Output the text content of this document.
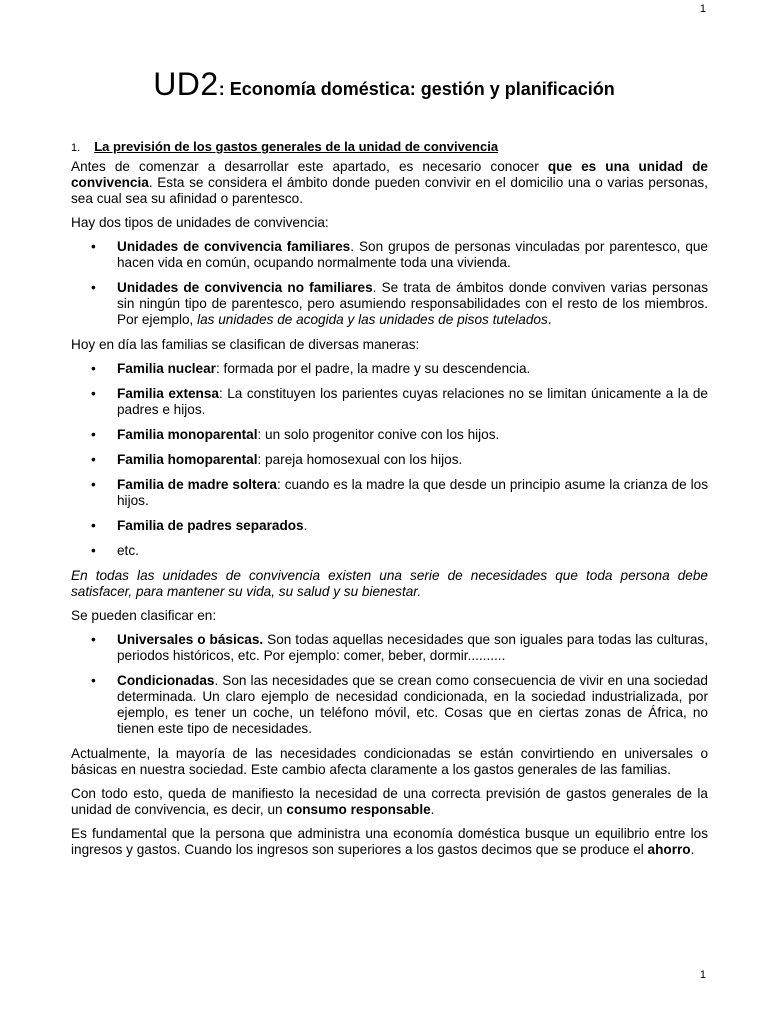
1
UD2: Economía doméstica: gestión y planificación
1. La previsión de los gastos generales de la unidad de convivencia

Antes de comenzar a desarrollar este apartado, es necesario conocer que es una unidad de convivencia. Esta se considera el ámbito donde pueden convivir en el domicilio una o varias personas, sea cual sea su afinidad o parentesco.

Hay dos tipos de unidades de convivencia:

• Unidades de convivencia familiares. Son grupos de personas vinculadas por parentesco, que hacen vida en común, ocupando normalmente toda una vivienda.
• Unidades de convivencia no familiares. Se trata de ámbitos donde conviven varias personas sin ningún tipo de parentesco, pero asumiendo responsabilidades con el resto de los miembros. Por ejemplo, las unidades de acogida y las unidades de pisos tutelados.

Hoy en día las familias se clasifican de diversas maneras:

• Familia nuclear: formada por el padre, la madre y su descendencia.
• Familia extensa: La constituyen los parientes cuyas relaciones no se limitan únicamente a la de padres e hijos.
• Familia monoparental: un solo progenitor conive con los hijos.
• Familia homoparental: pareja homosexual con los hijos.
• Familia de madre soltera: cuando es la madre la que desde un principio asume la crianza de los hijos.
• Familia de padres separados.
• etc.

En todas las unidades de convivencia existen una serie de necesidades que toda persona debe satisfacer, para mantener su vida, su salud y su bienestar.

Se pueden clasificar en:

• Universales o básicas. Son todas aquellas necesidades que son iguales para todas las culturas, periodos históricos, etc. Por ejemplo: comer, beber, dormir..........
• Condicionadas. Son las necesidades que se crean como consecuencia de vivir en una sociedad determinada. Un claro ejemplo de necesidad condicionada, en la sociedad industrializada, por ejemplo, es tener un coche, un teléfono móvil, etc. Cosas que en ciertas zonas de África, no tienen este tipo de necesidades.

Actualmente, la mayoría de las necesidades condicionadas se están convirtiendo en universales o básicas en nuestra sociedad. Este cambio afecta claramente a los gastos generales de las familias.

Con todo esto, queda de manifiesto la necesidad de una correcta previsión de gastos generales de la unidad de convivencia, es decir, un consumo responsable.

Es fundamental que la persona que administra una economía doméstica busque un equilibrio entre los ingresos y gastos. Cuando los ingresos son superiores a los gastos decimos que se produce el ahorro.

1
